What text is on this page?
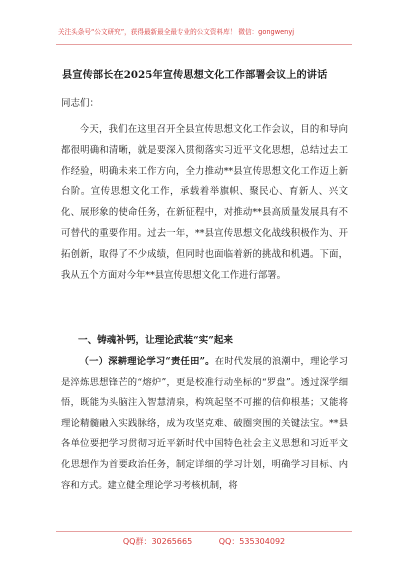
关注头条号“公文研究”，获得最新最全最专业的公文资料库！ 微信：gongwenyj
县宣传部长在2025年宣传思想文化工作部署会议上的讲话
同志们：

今天，我们在这里召开全县宣传思想文化工作会议，目的和导向都很明确和清晰，就是要深入贯彻落实习近平文化思想，总结过去工作经验，明确未来工作方向，全力推动**县宣传思想文化工作迈上新台阶。宣传思想文化工作，承载着举旗帜、聚民心、育新人、兴文化、展形象的使命任务，在新征程中，对推动**县高质量发展具有不可替代的重要作用。过去一年，**县宣传思想文化战线积极作为、开拓创新，取得了不少成绩，但同时也面临着新的挑战和机遇。下面，我从五个方面对今年**县宣传思想文化工作进行部署。

一、铸魂补钙，让理论武装“实”起来

（一）深耕理论学习“责任田”。在时代发展的浪潮中，理论学习是淬炼思想锋芒的“熔炉”，更是校准行动坐标的“罗盘”。透过深学细悟，既能为头脑注入智慧清泉，构筑起坚不可摧的信仰根基；又能将理论精髓融入实践脉络，成为攻坚克难、破圈突围的关键法宝。**县各单位要把学习贯彻习近平新时代中国特色社会主义思想和习近平文化思想作为首要政治任务，制定详细的学习计划，明确学习目标、内容和方式。建立健全理论学习考核机制，将

QQ群：30265665	QQ：535304092
